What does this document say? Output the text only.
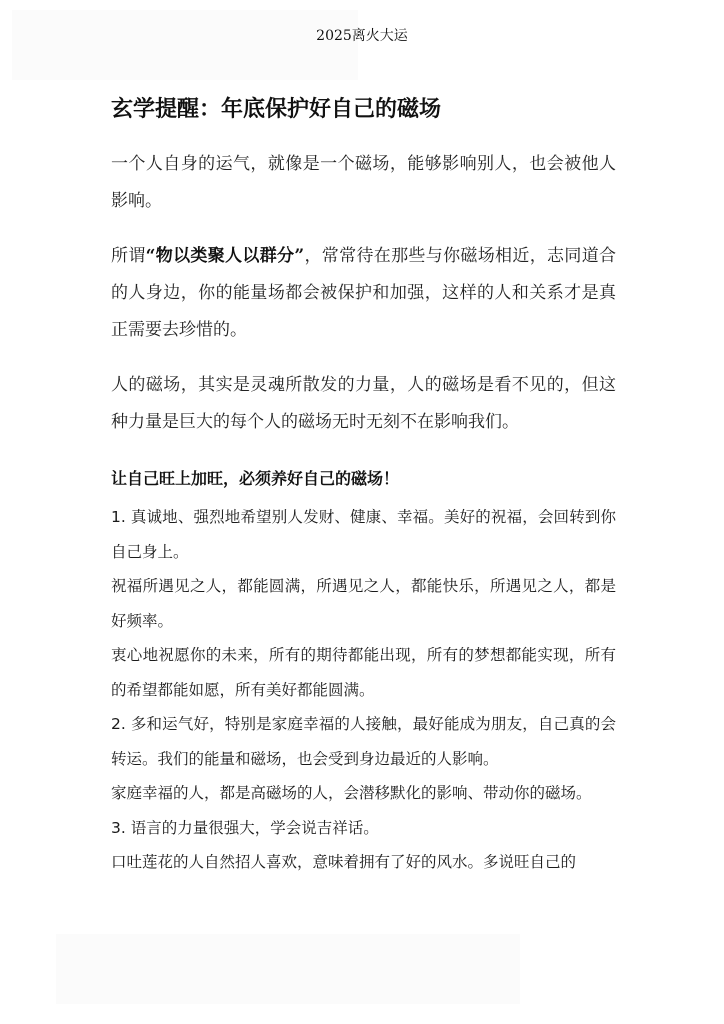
2025离火大运
玄学提醒：年底保护好自己的磁场
一个人自身的运气，就像是一个磁场，能够影响别人，也会被他人影响。
所谓“物以类聚人以群分”，常常待在那些与你磁场相近，志同道合的人身边，你的能量场都会被保护和加强，这样的人和关系才是真正需要去珍惜的。
人的磁场，其实是灵魂所散发的力量，人的磁场是看不见的，但这种力量是巨大的每个人的磁场无时无刻不在影响我们。
让自己旺上加旺，必须养好自己的磁场！

1. 真诚地、强烈地希望别人发财、健康、幸福。美好的祝福，会回转到你自己身上。

祝福所遇见之人，都能圆满，所遇见之人，都能快乐，所遇见之人，都是好频率。

衷心地祝愿你的未来，所有的期待都能出现，所有的梦想都能实现，所有的希望都能如愿，所有美好都能圆满。

2. 多和运气好，特别是家庭幸福的人接触，最好能成为朋友，自己真的会转运。我们的能量和磁场，也会受到身边最近的人影响。

家庭幸福的人，都是高磁场的人，会潜移默化的影响、带动你的磁场。

3. 语言的力量很强大，学会说吉祥话。

口吐莲花的人自然招人喜欢，意味着拥有了好的风水。多说旺自己的
